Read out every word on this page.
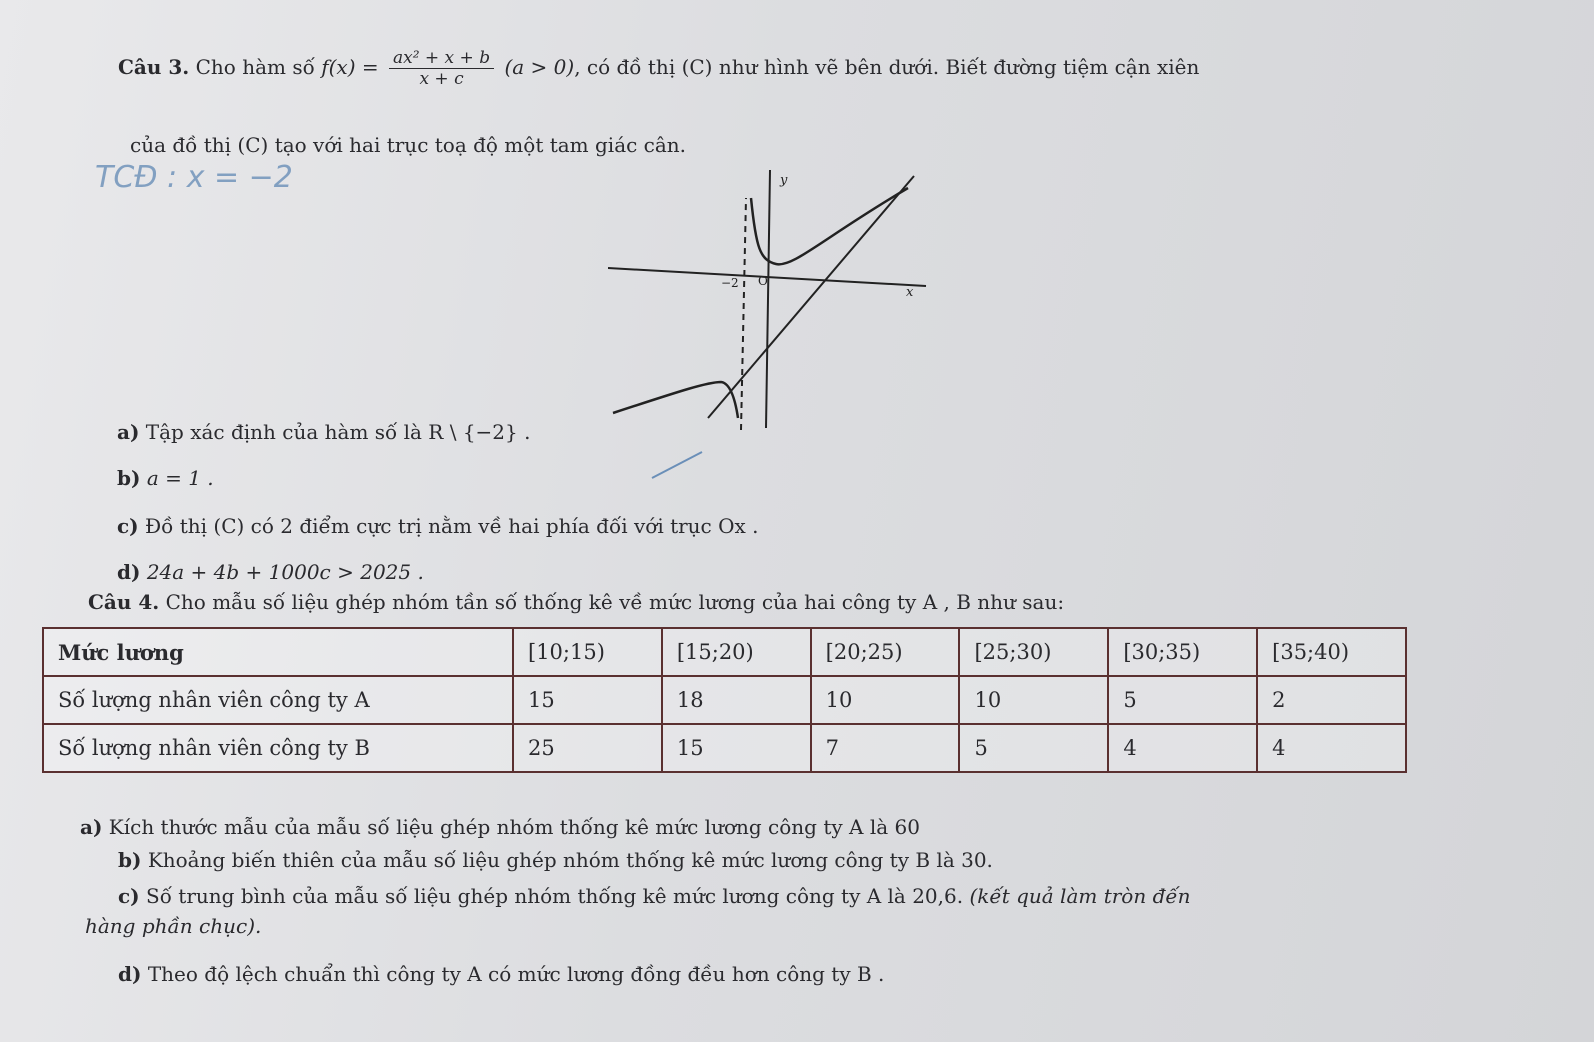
Câu 3. Cho hàm số $f(x) = \frac{\text{ax² + x + b}}{x + c} (a > 0)$, có đồ thị (C) như hình vẽ bên dưới. Biết đường tiệm cận xiên
của đồ thị (C) tạo với hai trục toạ độ một tam giác cân.
TCĐ : x = −2	y
x
O
−2
a) Tập xác định của hàm số là R \ {−2} .
b) a = 1 .
c) Đồ thị (C) có 2 điểm cực trị nằm về hai phía đối với trục Ox .
d) 24a + 4b + 1000c > 2025 .
Câu 4. Cho mẫu số liệu ghép nhóm tần số thống kê về mức lương của hai công ty A , B như sau:
Mức lương	[10;15)	[15;20)	[20;25)	[25;30)	[30;35)	[35;40)
Số lượng nhân viên công ty A	15	18	10	10	5	2
Số lượng nhân viên công ty B	25	15	7	5	4	4
a) Kích thước mẫu của mẫu số liệu ghép nhóm thống kê mức lương công ty A là 60
b) Khoảng biến thiên của mẫu số liệu ghép nhóm thống kê mức lương công ty B là 30.
c) Số trung bình của mẫu số liệu ghép nhóm thống kê mức lương công ty A là 20,6. (kết quả làm tròn đến
hàng phần chục).
d) Theo độ lệch chuẩn thì công ty A có mức lương đồng đều hơn công ty B .
